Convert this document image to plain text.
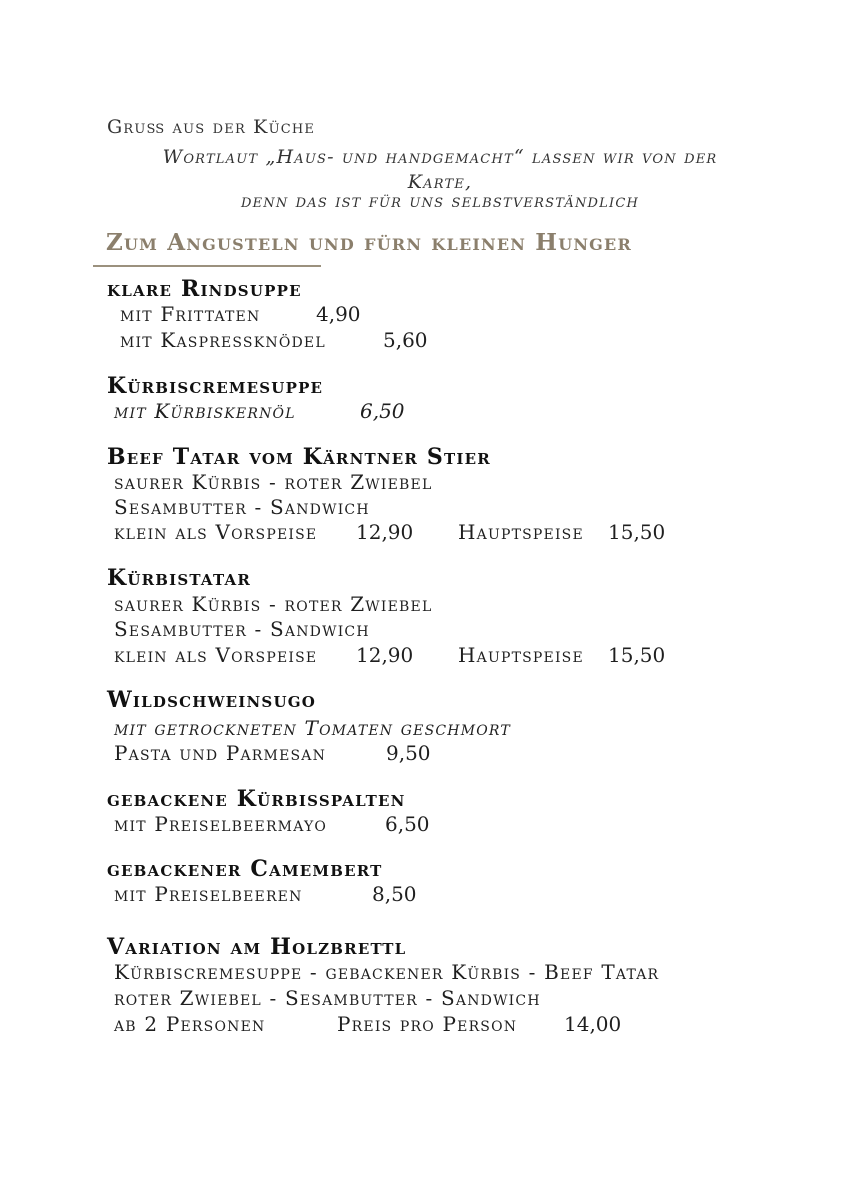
Gruß aus der Küche

Wortlaut „Haus- und handgemacht“ lassen wir von der

Karte,

denn das ist für uns selbstverständlich

Zum Angusteln und fürn kleinen Hunger

klare Rindsuppe

mit Frittaten	4,90

mit Kaspressknödel	5,60

Kürbiscremesuppe

mit Kürbiskernöl	6,50

Beef Tatar vom Kärntner Stier

saurer Kürbis - roter Zwiebel

Sesambutter - Sandwich

klein als Vorspeise 12,90 Hauptspeise 15,50

Kürbistatar

saurer Kürbis - roter Zwiebel

Sesambutter - Sandwich

klein als Vorspeise 12,90 Hauptspeise 15,50

Wildschweinsugo

mit getrockneten Tomaten geschmort

Pasta und Parmesan	9,50

gebackene Kürbisspalten

mit Preiselbeermayo	6,50

gebackener Camembert

mit Preiselbeeren	8,50

Variation am Holzbrettl

Kürbiscremesuppe - gebackener Kürbis - Beef Tatar

roter Zwiebel - Sesambutter - Sandwich

ab 2 Personen	Preis pro Person 14,00
